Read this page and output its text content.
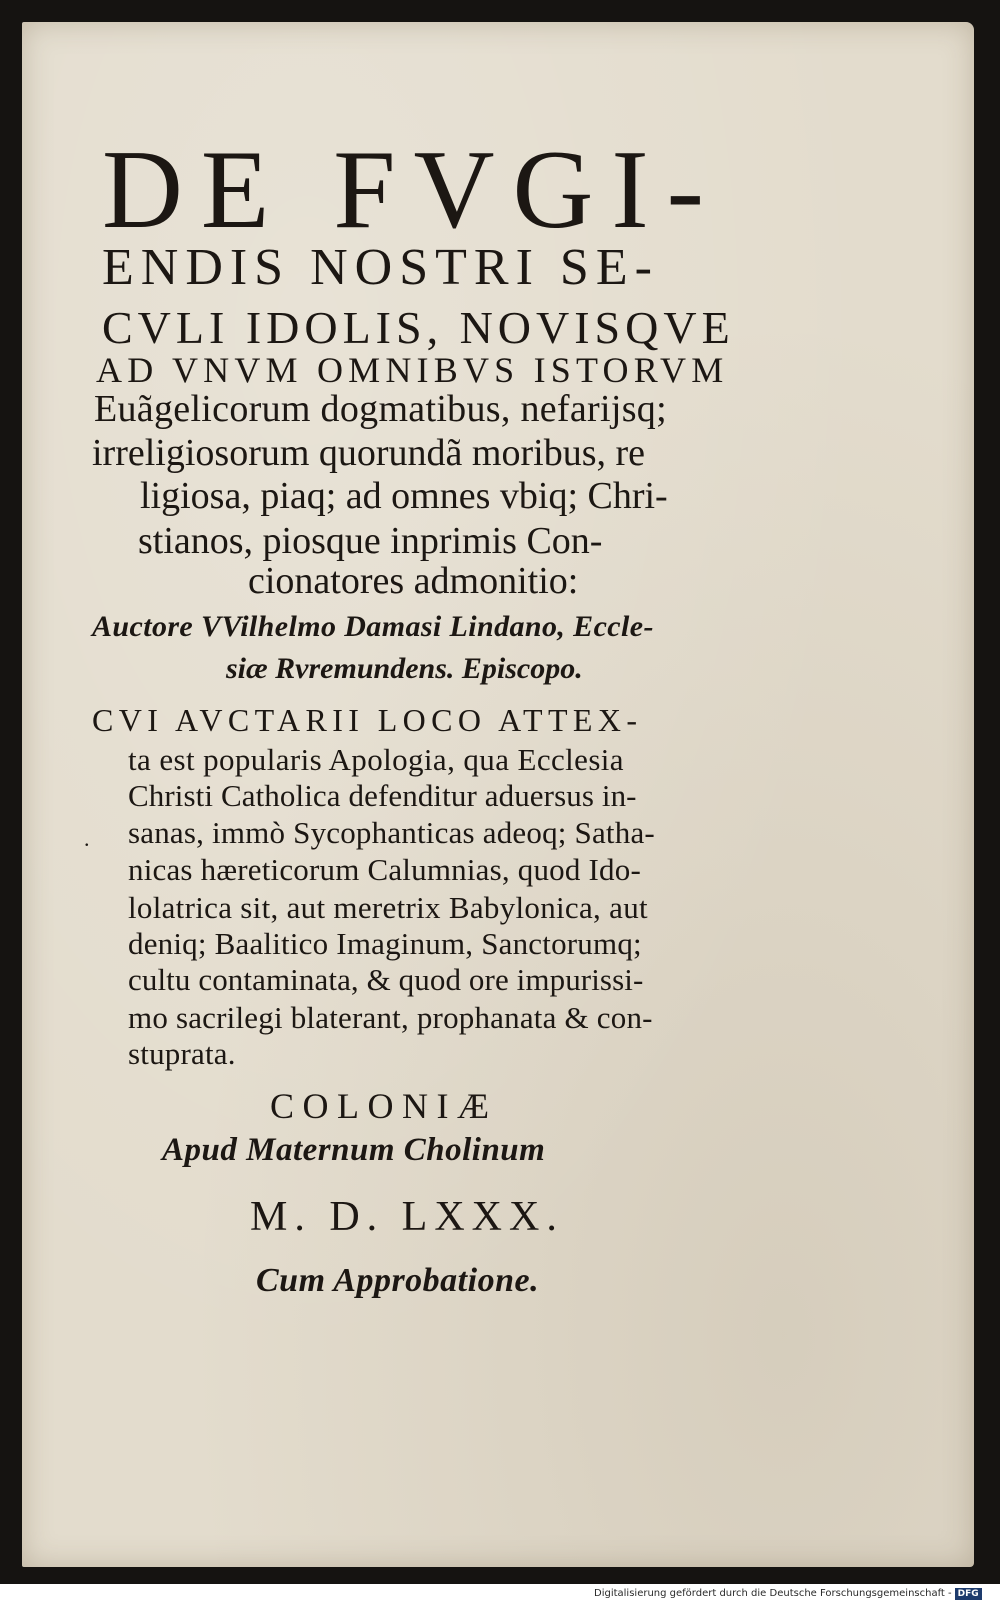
DE FVGI-

ENDIS NOSTRI SE-

CVLI IDOLIS, NOVISQVE

AD VNVM OMNIBVS ISTORVM

Euãgelicorum dogmatibus, nefarijsq;

irreligiosorum quorundã moribus, re

ligiosa, piaq; ad omnes vbiq; Chri-

stianos, piosque inprimis Con-

cionatores admonitio:

Auctore VVilhelmo Damasi Lindano, Eccle-

siæ Rvremundens. Episcopo.

CVI AVCTARII LOCO ATTEX-

.

ta est popularis Apologia, qua Ecclesia

Christi Catholica defenditur aduersus in-

sanas, immò Sycophanticas adeoq; Satha-

nicas hæreticorum Calumnias, quod Ido-

lolatrica sit, aut meretrix Babylonica, aut

deniq; Baalitico Imaginum, Sanctorumq;

cultu contaminata, & quod ore impurissi-

mo sacrilegi blaterant, prophanata & con-

stuprata.

COLONIÆ

Apud Maternum Cholinum

M. D. LXXX.

Cum Approbatione.

Digitalisierung gefördert durch die Deutsche Forschungsgemeinschaft - DFG
